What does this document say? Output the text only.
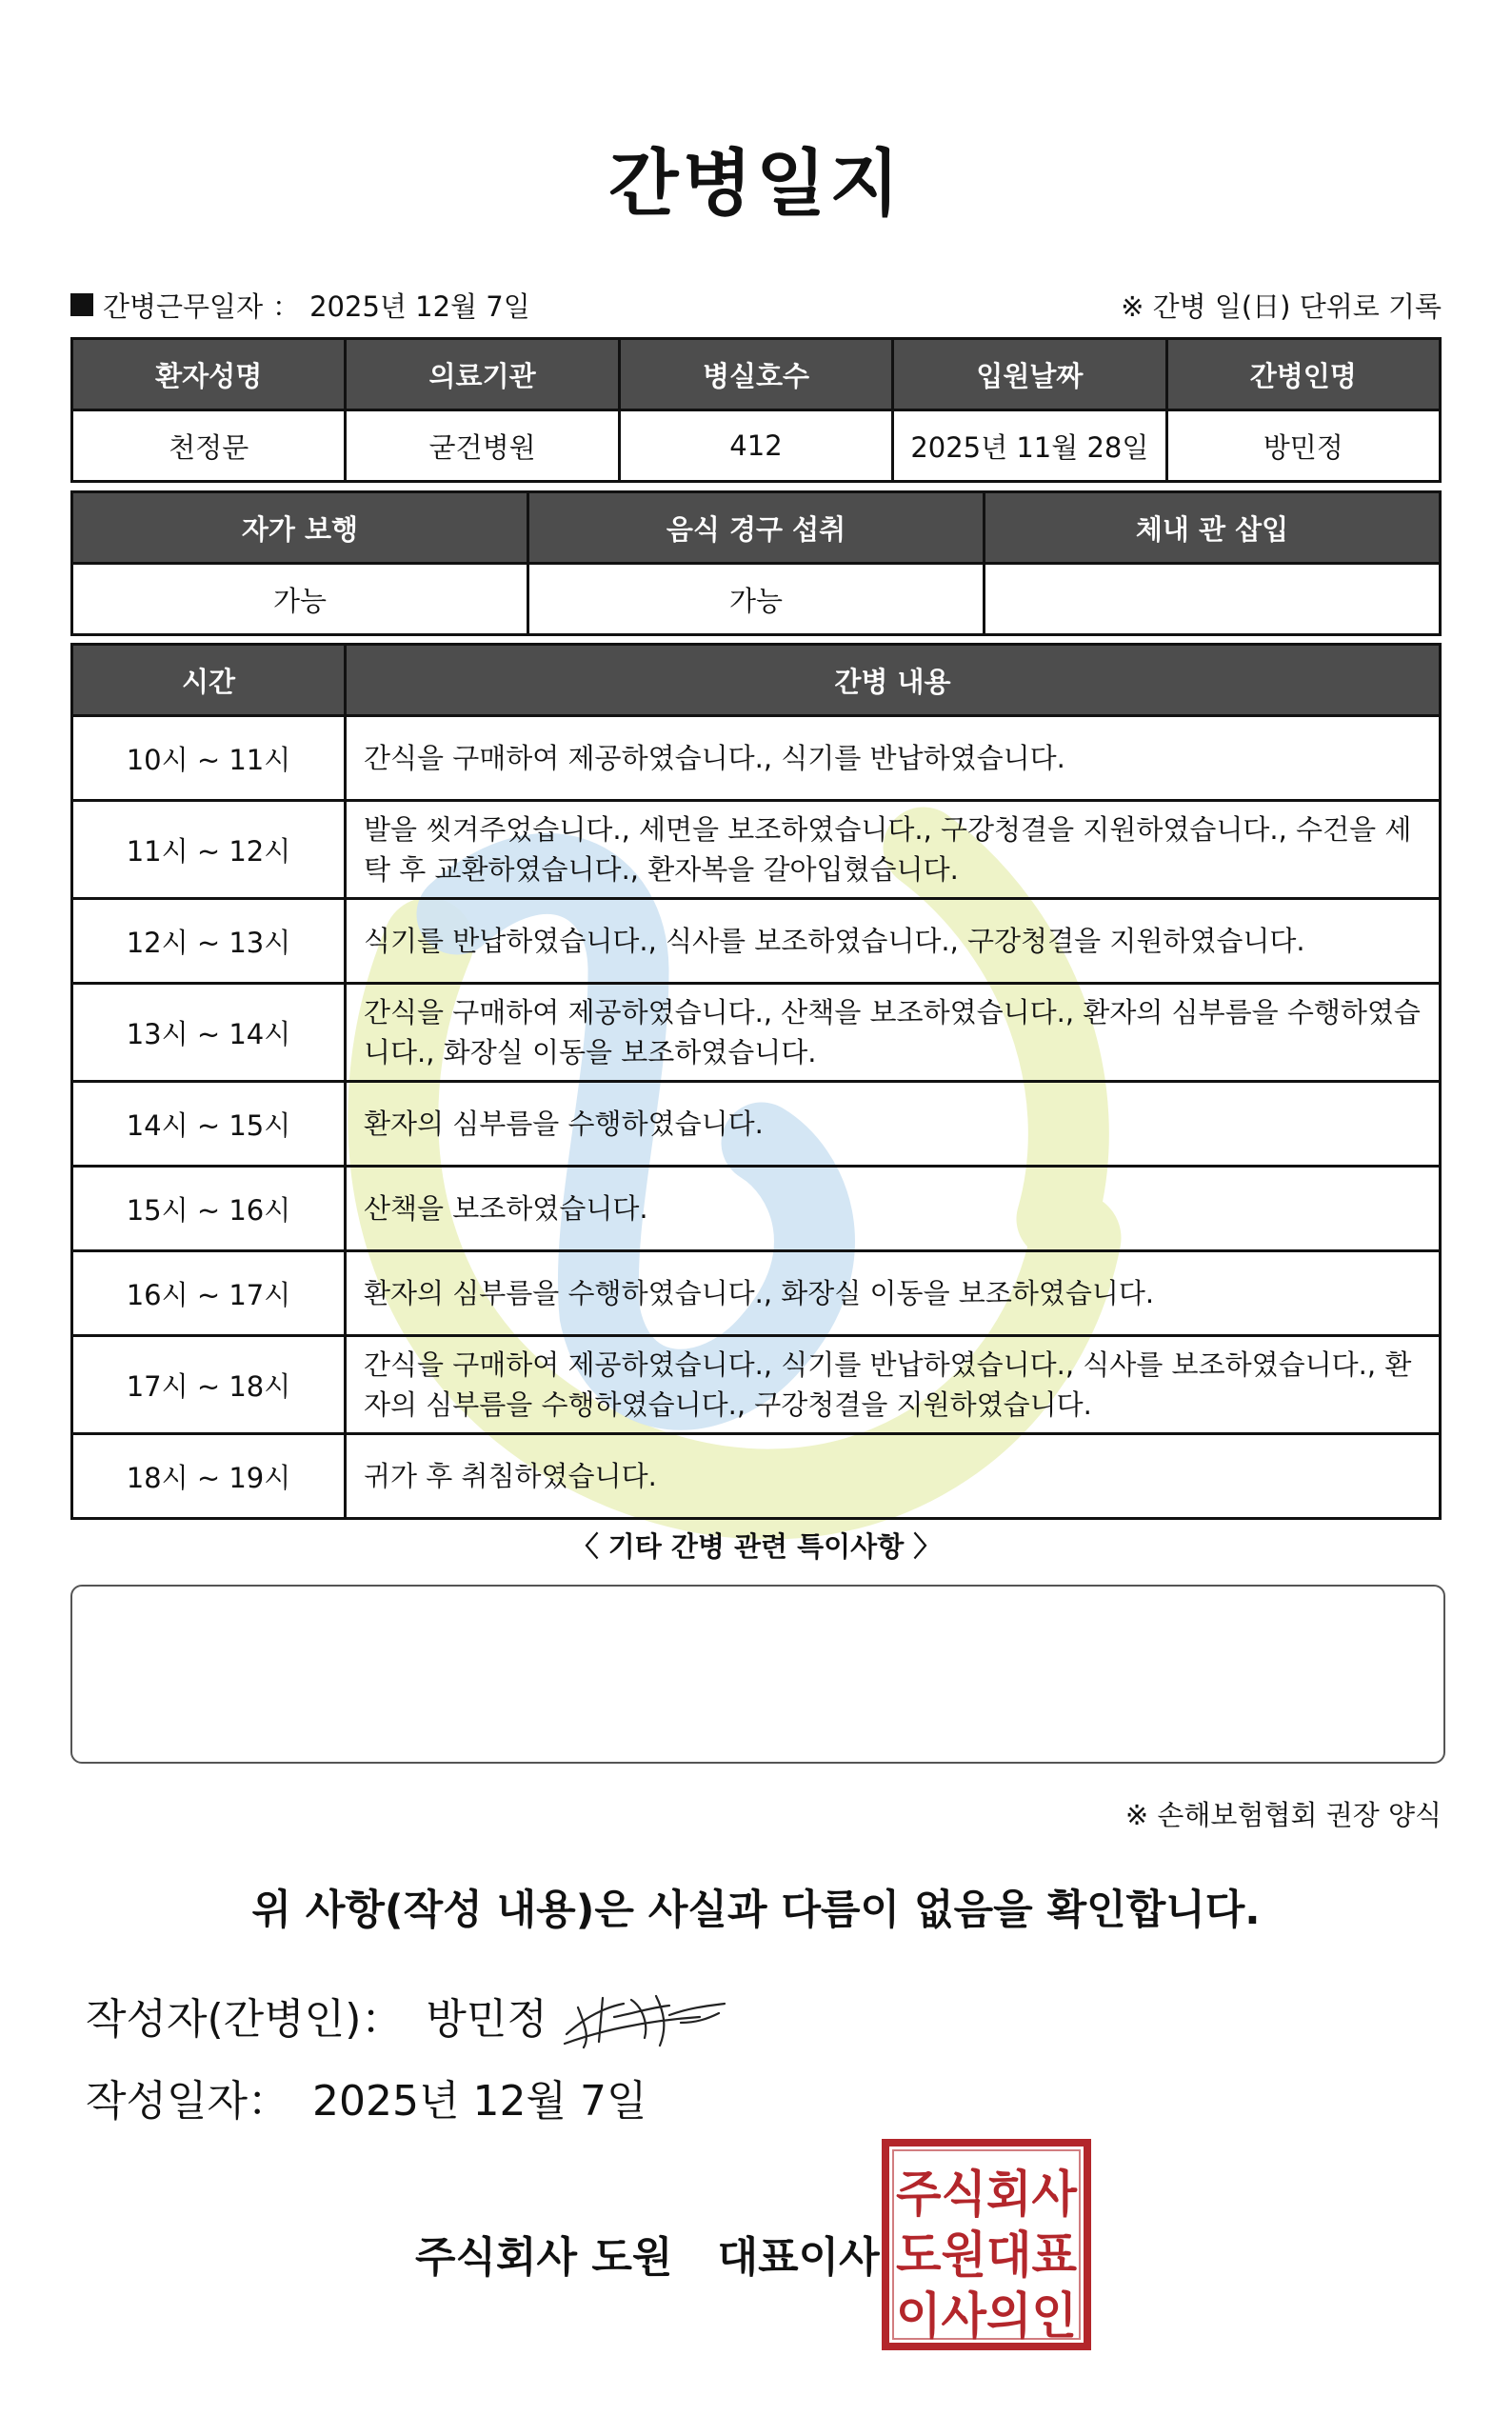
간병일지
간병근무일자 ： 2025년 12월 7일	※ 간병 일(日) 단위로 기록
환자성명	의료기관	병실호수	입원날짜	간병인명
천정문	굳건병원	412	2025년 11월 28일	방민정
자가 보행	음식 경구 섭취	체내 관 삽입
가능	가능	
시간	간병 내용
10시 ~ 11시	간식을 구매하여 제공하였습니다., 식기를 반납하였습니다.
11시 ~ 12시	발을 씻겨주었습니다., 세면을 보조하였습니다., 구강청결을 지원하였습니다., 수건을 세탁 후 교환하였습니다., 환자복을 갈아입혔습니다.
12시 ~ 13시	식기를 반납하였습니다., 식사를 보조하였습니다., 구강청결을 지원하였습니다.
13시 ~ 14시	간식을 구매하여 제공하였습니다., 산책을 보조하였습니다., 환자의 심부름을 수행하였습니다., 화장실 이동을 보조하였습니다.
14시 ~ 15시	환자의 심부름을 수행하였습니다.
15시 ~ 16시	산책을 보조하였습니다.
16시 ~ 17시	환자의 심부름을 수행하였습니다., 화장실 이동을 보조하였습니다.
17시 ~ 18시	간식을 구매하여 제공하였습니다., 식기를 반납하였습니다., 식사를 보조하였습니다., 환자의 심부름을 수행하였습니다., 구강청결을 지원하였습니다.
18시 ~ 19시	귀가 후 취침하였습니다.
〈 기타 간병 관련 특이사항 〉
※ 손해보험협회 권장 양식
위 사항(작성 내용)은 사실과 다름이 없음을 확인합니다.
작성자(간병인)： 방민정
작성일자： 2025년 12월 7일
주식회사 도원 대표이사
주식회사
도원대표
이사의인
